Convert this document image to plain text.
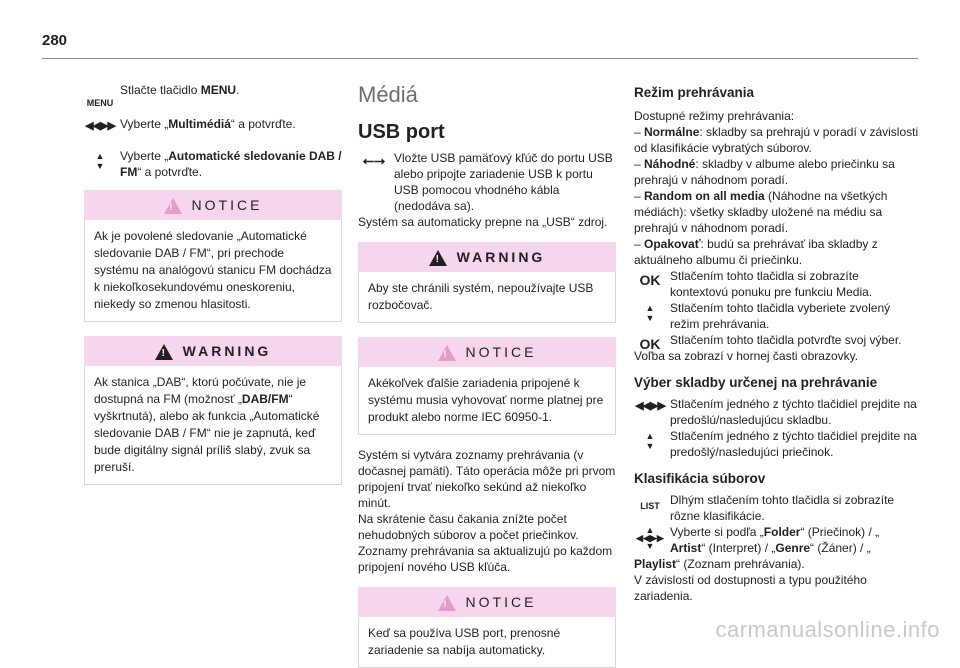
280
MENU
Stlačte tlačidlo MENU.
◀◀▶▶ Vyberte „Multimédiá“ a potvrďte.
▲
▼
Vyberte „Automatické sledovanie DAB / FM“ a potvrďte.
!
NOTICE
Ak je povolené sledovanie „Automatické sledovanie DAB / FM“, pri prechode systému na analógovú stanicu FM dochádza k niekoľkosekundovému oneskoreniu, niekedy so zmenou hlasitosti.
!
WARNING
Ak stanica „DAB“, ktorú počúvate, nie je dostupná na FM (možnosť „DAB/FM“ vyškrtnutá), alebo ak funkcia „Automatické sledovanie DAB / FM“ nie je zapnutá, keď bude digitálny signál príliš slabý, zvuk sa preruší.
Médiá
USB port
⭠⭢ Vložte USB pamäťový kľúč do portu USB alebo pripojte zariadenie USB k portu USB pomocou vhodného kábla (nedodáva sa).
Systém sa automaticky prepne na „USB“ zdroj.
!
WARNING
Aby ste chránili systém, nepoužívajte USB rozbočovač.
!
NOTICE
Akékoľvek ďalšie zariadenia pripojené k systému musia vyhovovať norme platnej pre produkt alebo norme IEC 60950-1.
Systém si vytvára zoznamy prehrávania (v dočasnej pamäti). Táto operácia môže pri prvom pripojení trvať niekoľko sekúnd až niekoľko minút.
Na skrátenie času čakania znížte počet nehudobných súborov a počet priečinkov.
Zoznamy prehrávania sa aktualizujú po každom pripojení nového USB kľúča.
!
NOTICE
Keď sa používa USB port, prenosné zariadenie sa nabíja automaticky.
Režim prehrávania
Dostupné režimy prehrávania:
– Normálne: skladby sa prehrajú v poradí v závislosti od klasifikácie vybratých súborov.
– Náhodné: skladby v albume alebo priečinku sa prehrajú v náhodnom poradí.
– Random on all media (Náhodne na všetkých médiách): všetky skladby uložené na médiu sa prehrajú v náhodnom poradí.
– Opakovať: budú sa prehrávať iba skladby z aktuálneho albumu či priečinku.
OK Stlačením tohto tlačidla si zobrazíte kontextovú ponuku pre funkciu Media.
▲
▼
Stlačením tohto tlačidla vyberiete zvolený režim prehrávania.
OK Stlačením tohto tlačidla potvrďte svoj výber.
Voľba sa zobrazí v hornej časti obrazovky.
Výber skladby určenej na prehrávanie
◀◀▶▶ Stlačením jedného z týchto tlačidiel prejdite na predošlú/nasledujúcu skladbu.
▲
▼
Stlačením jedného z týchto tlačidiel prejdite na predošlý/nasledujúci priečinok.
Klasifikácia súborov
LIST Dlhým stlačením tohto tlačidla si zobrazíte rôzne klasifikácie.
▲
◀◀▶▶
▼
Vyberte si podľa „Folder“ (Priečinok) / „
Artist“ (Interpret) / „Genre“ (Žáner) / „
Playlist“ (Zoznam prehrávania).
V závislosti od dostupnosti a typu použitého zariadenia.
carmanualsonline.info
